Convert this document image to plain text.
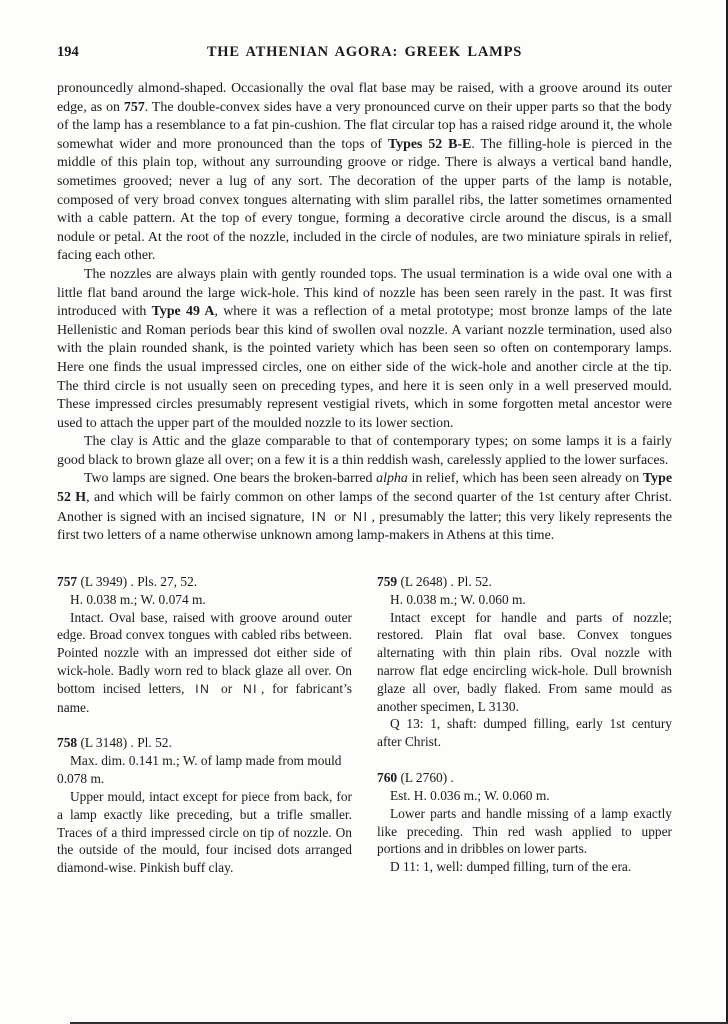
194	THE ATHENIAN AGORA: GREEK LAMPS

pronouncedly almond-shaped. Occasionally the oval flat base may be raised, with a groove around its outer edge, as on 757. The double-convex sides have a very pronounced curve on their upper parts so that the body of the lamp has a resemblance to a fat pin-cushion. The flat circular top has a raised ridge around it, the whole somewhat wider and more pronounced than the tops of Types 52 B-E. The filling-hole is pierced in the middle of this plain top, without any surrounding groove or ridge. There is always a vertical band handle, sometimes grooved; never a lug of any sort. The decoration of the upper parts of the lamp is notable, composed of very broad convex tongues alternating with slim parallel ribs, the latter sometimes ornamented with a cable pattern. At the top of every tongue, forming a decorative circle around the discus, is a small nodule or petal. At the root of the nozzle, included in the circle of nodules, are two miniature spirals in relief, facing each other.

The nozzles are always plain with gently rounded tops. The usual termination is a wide oval one with a little flat band around the large wick-hole. This kind of nozzle has been seen rarely in the past. It was first introduced with Type 49 A, where it was a reflection of a metal prototype; most bronze lamps of the late Hellenistic and Roman periods bear this kind of swollen oval nozzle. A variant nozzle termination, used also with the plain rounded shank, is the pointed variety which has been seen so often on contemporary lamps. Here one finds the usual impressed circles, one on either side of the wick-hole and another circle at the tip. The third circle is not usually seen on preceding types, and here it is seen only in a well preserved mould. These impressed circles presumably represent vestigial rivets, which in some forgotten metal ancestor were used to attach the upper part of the moulded nozzle to its lower section.

The clay is Attic and the glaze comparable to that of contemporary types; on some lamps it is a fairly good black to brown glaze all over; on a few it is a thin reddish wash, carelessly applied to the lower surfaces.

Two lamps are signed. One bears the broken-barred alpha in relief, which has been seen already on Type 52 H, and which will be fairly common on other lamps of the second quarter of the 1st century after Christ. Another is signed with an incised signature, IN or NI , presumably the latter; this very likely represents the first two letters of a name otherwise unknown among lamp-makers in Athens at this time.

757 (L 3949) . Pls. 27, 52.

H. 0.038 m.; W. 0.074 m.

Intact. Oval base, raised with groove around outer edge. Broad convex tongues with cabled ribs between. Pointed nozzle with an impressed dot either side of wick-hole. Badly worn red to black glaze all over. On bottom incised letters, IN or NI , for fabricant’s name.

758 (L 3148) . Pl. 52.

Max. dim. 0.141 m.; W. of lamp made from mould 0.078 m.

Upper mould, intact except for piece from back, for a lamp exactly like preceding, but a trifle smaller. Traces of a third impressed circle on tip of nozzle. On the outside of the mould, four incised dots arranged diamond-wise. Pinkish buff clay.

759 (L 2648) . Pl. 52.

H. 0.038 m.; W. 0.060 m.

Intact except for handle and parts of nozzle; restored. Plain flat oval base. Convex tongues alternating with thin plain ribs. Oval nozzle with narrow flat edge encircling wick-hole. Dull brownish glaze all over, badly flaked. From same mould as another specimen, L 3130.

Q 13: 1, shaft: dumped filling, early 1st century after Christ.

760 (L 2760) .

Est. H. 0.036 m.; W. 0.060 m.

Lower parts and handle missing of a lamp exactly like preceding. Thin red wash applied to upper portions and in dribbles on lower parts.

D 11: 1, well: dumped filling, turn of the era.
